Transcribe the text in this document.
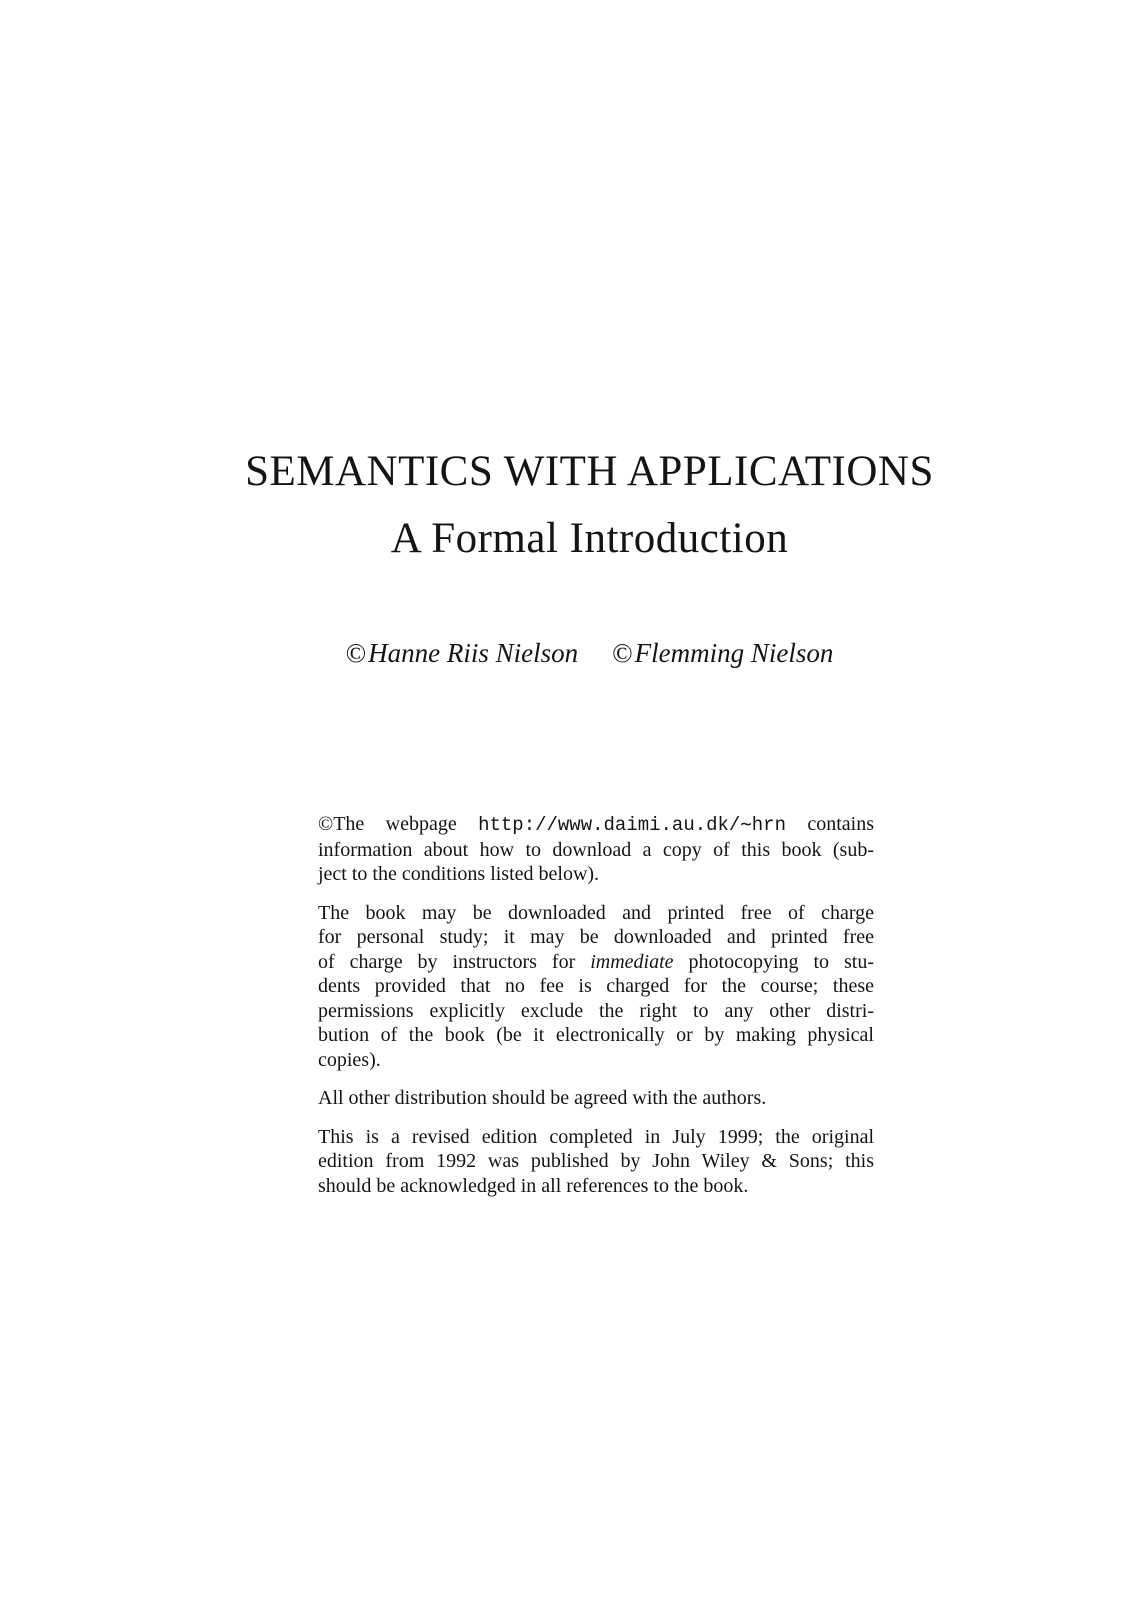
SEMANTICS WITH APPLICATIONS
A Formal Introduction
©Hanne Riis Nielson ©Flemming Nielson
©The webpage http://www.daimi.au.dk/∼hrn contains
information about how to download a copy of this book (sub-
ject to the conditions listed below).
The book may be downloaded and printed free of charge
for personal study; it may be downloaded and printed free
of charge by instructors for immediate photocopying to stu-
dents provided that no fee is charged for the course; these
permissions explicitly exclude the right to any other distri-
bution of the book (be it electronically or by making physical
copies).
All other distribution should be agreed with the authors.
This is a revised edition completed in July 1999; the original
edition from 1992 was published by John Wiley & Sons; this
should be acknowledged in all references to the book.
